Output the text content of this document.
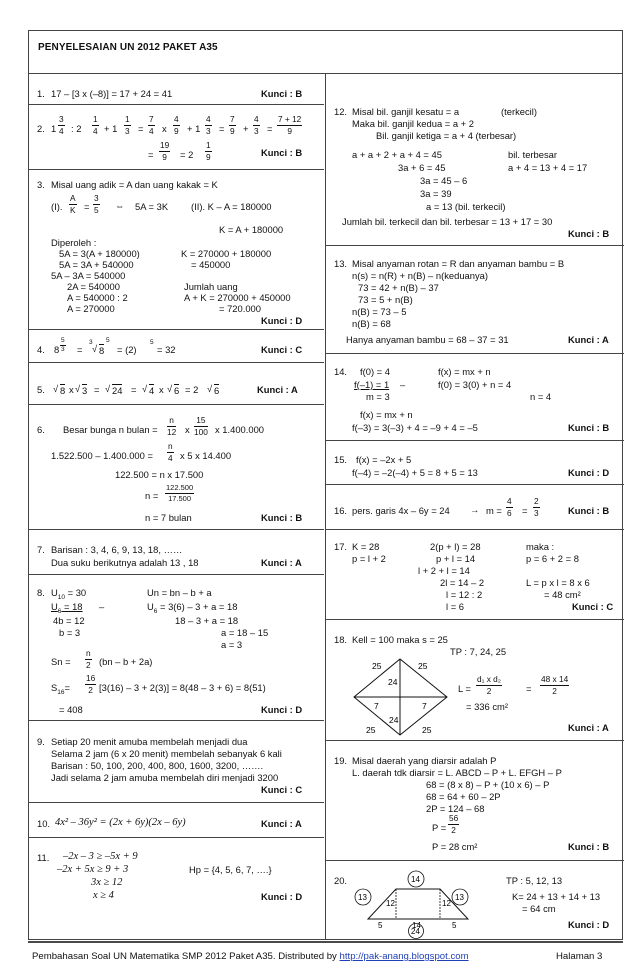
PENYELESAIAN UN 2012 PAKET A35
1. 17 – [3 x (–8)] = 17 + 24 = 41	Kunci : B
2. $1 \frac{3}{4}$ : $2 \frac{1}{4} + 1 \frac{1}{3} = \frac{7}{4}$ x $\frac{4}{9} + 1 \frac{4}{3} = \frac{7}{9} + \frac{4}{3} = \frac{7 + 12}{9}$
= $\frac{19}{9} = 2 \frac{1}{9}$	Kunci : B
3. Misal uang adik = A dan uang kakak = K
(I). $\frac{A}{K} = \frac{3}{5}$ ⇔ 5A = 3K (II). K – A = 180000
K = A + 180000
Diperoleh :
5A = 3(A + 180000)
5A = 3A + 540000
5A – 3A = 540000
2A = 540000
A = 540000 : 2
A = 270000
K = 270000 + 180000
= 450000
Jumlah uang
A + K = 270000 + 450000
= 720.000
Kunci : D
4. $8 \frac{5}{3}$ =
3
√ 8
5
= (2)
5
= 32	Kunci : C
5. √ 8 x √ 3 = √ 24 = √ 4 x √ 6 = 2 √ 6	Kunci : A
6. Besar bunga n bulan = $\frac{n}{12}$ x $\frac{15}{100}$ x 1.400.000
$1.522.500 - 1.400.000 = \frac{n}{4}$ x 5 x 14.400
122.500 = n x 17.500
$n = \frac{122.500}{17.500}$
n = 7 bulan	Kunci : B
7. Barisan : 3, 4, 6, 9, 13, 18, ……
Dua suku berikutnya adalah 13 , 18	Kunci : A
8. $U_{10} = 30$
$U_6 = 18$ –
4b = 12
b = 3
Un = bn – b + a
$U_6 = 3(6) - 3 + a = 18$
18 – 3 + a = 18
a = 18 – 15
a = 3
$Sn = \frac{n}{2} (bn - b + 2a)$
$S_{16}= \frac{16}{2} [3(16) - 3 + 2(3)] = 8(48 - 3 + 6) = 8(51)$
= 408	Kunci : D
9. Setiap 20 menit amuba membelah menjadi dua
Selama 2 jam (6 x 20 menit) membelah sebanyak 6 kali
Barisan : 50, 100, 200, 400, 800, 1600, 3200, …….
Jadi selama 2 jam amuba membelah diri menjadi 3200
Kunci : C
10. 4x² – 36y² = (2x + 6y)(2x – 6y)	Kunci : A
11. –2x – 3 ≥ –5x + 9
–2x + 5x ≥ 9 + 3
3x ≥ 12
x ≥ 4
Hp = {4, 5, 6, 7, ….}
Kunci : D
12. Misal bil. ganjil kesatu = a	(terkecil)
Maka bil. ganjil kedua = a + 2
Bil. ganjil ketiga = a + 4 (terbesar)
a + a + 2 + a + 4 = 45	bil. terbesar
3a + 6 = 45	a + 4 = 13 + 4 = 17
3a = 45 – 6
3a = 39
a = 13 (bil. terkecil)
Jumlah bil. terkecil dan bil. terbesar = 13 + 17 = 30
Kunci : B
13. Misal anyaman rotan = R dan anyaman bambu = B
n(s) = n(R) + n(B) – n(keduanya)
73 = 42 + n(B) – 37
73 = 5 + n(B)
n(B) = 73 – 5
n(B) = 68
Hanya anyaman bambu = 68 – 37 = 31	Kunci : A
14. f(0) = 4	f(x) = mx + n
f(–1) = 1 –	f(0) = 3(0) + n = 4
m = 3	n = 4
f(x) = mx + n
f(–3) = 3(–3) + 4 = –9 + 4 = –5	Kunci : B
15. f(x) = –2x + 5
f(–4) = –2(–4) + 5 = 8 + 5 = 13	Kunci : D
16. pers. garis $4x - 6y = 24 \to m = \frac{4}{6} = \frac{2}{3}$	Kunci : B
17. K = 28	2(p + l) = 28	maka :
p = l + 2	p + l = 14	p = 6 + 2 = 8
l + 2 + l = 14
2l = 14 – 2	L = p x l = 8 x 6
l = 12 : 2	= 48 cm²
l = 6	Kunci : C
18. Kell = 100 maka s = 25
TP : 7, 24, 25
25	25
25	25
24
24
7	7
$L = \frac{\text{d₁ x d₂}}{2}$	= $\frac{48 x 14}{2}$
= 336 cm²
Kunci : A
19. Misal daerah yang diarsir adalah P
L. daerah tdk diarsir = L. ABCD – P + L. EFGH – P
68 = (8 x 8) – P + (10 x 6) – P
68 = 64 + 60 – 2P
2P = 124 – 68
$P = \frac{56}{2}$
P = 28 cm²	Kunci : B
20.	14
13	13
12	12
5	14	5
24
TP : 5, 12, 13
K= 24 + 13 + 14 + 13
= 64 cm
Kunci : D
Pembahasan Soal UN Matematika SMP 2012 Paket A35. Distributed by http://pak-anang.blogspot.com	Halaman 3
